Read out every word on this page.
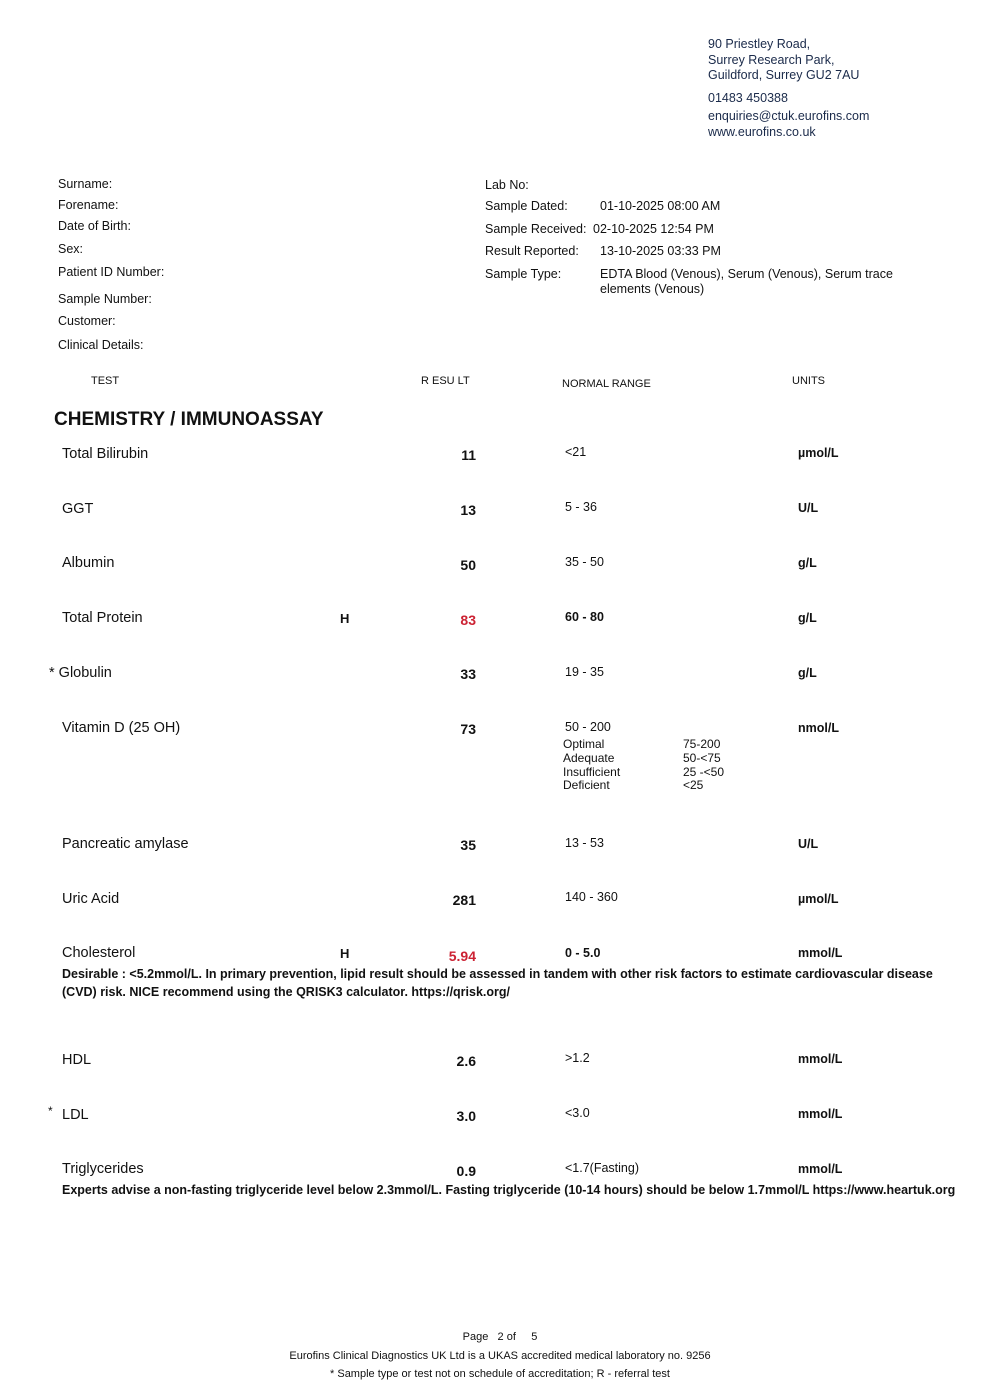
90 Priestley Road,
Surrey Research Park,
Guildford, Surrey GU2 7AU
01483 450388
enquiries@ctuk.eurofins.com
www.eurofins.co.uk
Surname:
Forename:
Date of Birth:
Sex:
Patient ID Number:
Sample Number:
Customer:
Clinical Details:
Lab No:
Sample Dated:	01-10-2025 08:00 AM
Sample Received: 02-10-2025 12:54 PM
Result Reported: 13-10-2025 03:33 PM
Sample Type:	EDTA Blood (Venous), Serum (Venous), Serum trace elements (Venous)
TEST	R ESU LT	NORMAL RANGE	UNITS
CHEMISTRY / IMMUNOASSAY
Total Bilirubin	11	<21	µmol/L
GGT	13	5 - 36	U/L
Albumin	50	35 - 50	g/L
Total Protein	H	83	60 - 80	g/L
* Globulin	33	19 - 35	g/L
Vitamin D (25 OH)	73	50 - 200	nmol/L
Optimal	75-200
Adequate	50-<75
Insufficient	25 -<50
Deficient	<25
Pancreatic amylase	35	13 - 53	U/L
Uric Acid	281	140 - 360	µmol/L
Cholesterol	H	5.94	0 - 5.0	mmol/L
Desirable : <5.2mmol/L. In primary prevention, lipid result should be assessed in tandem with other risk factors to estimate cardiovascular disease (CVD) risk. NICE recommend using the QRISK3 calculator. https://qrisk.org/
HDL	2.6	>1.2	mmol/L
* LDL	3.0	<3.0	mmol/L
Triglycerides	0.9	<1.7(Fasting)	mmol/L
Experts advise a non-fasting triglyceride level below 2.3mmol/L. Fasting triglyceride (10-14 hours) should be below 1.7mmol/L https://www.heartuk.org
Page 2 of 5
Eurofins Clinical Diagnostics UK Ltd is a UKAS accredited medical laboratory no. 9256
* Sample type or test not on schedule of accreditation; R - referral test
